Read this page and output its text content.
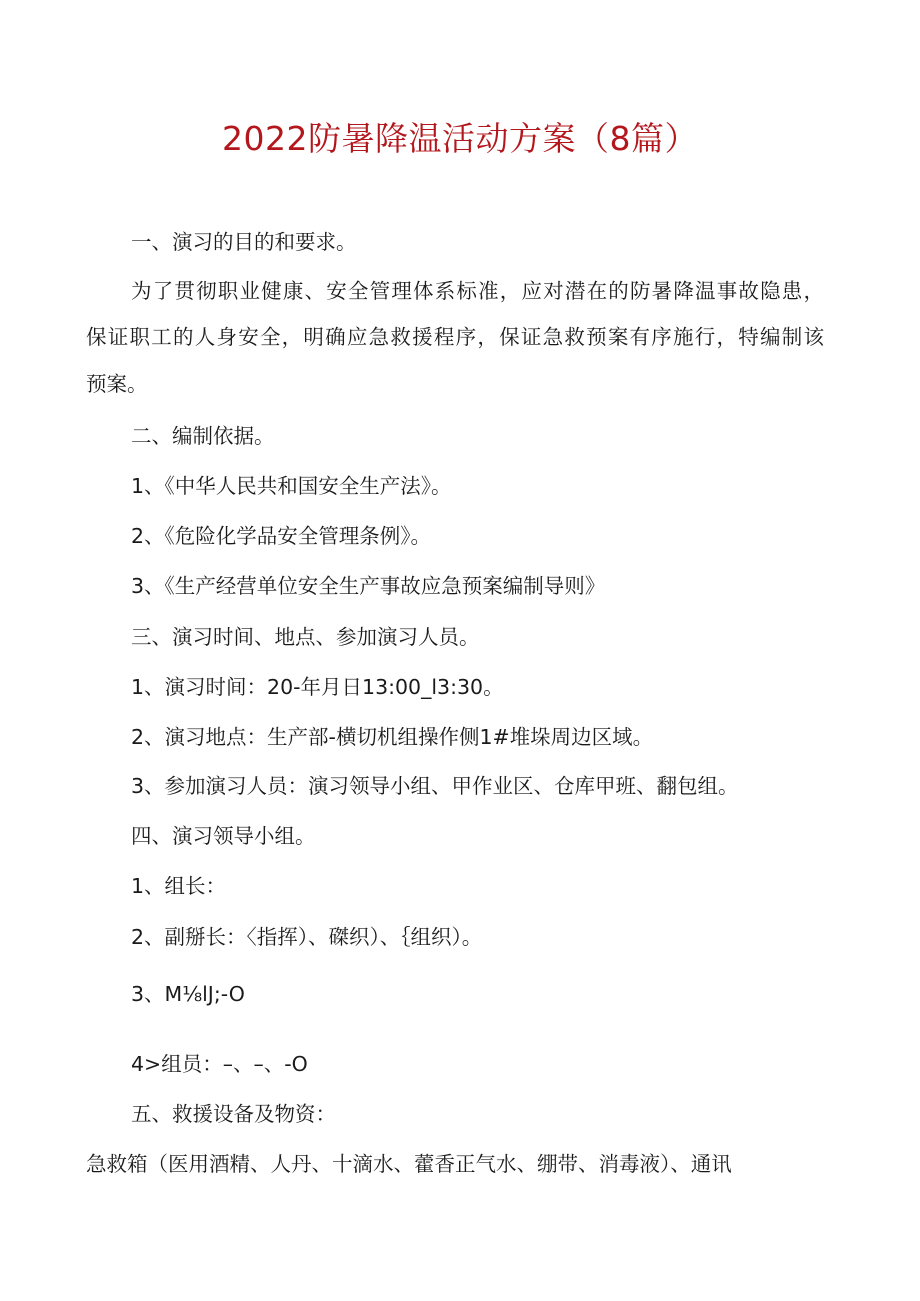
2022防暑降温活动方案（8篇）
一、演习的目的和要求。
为了贯彻职业健康、安全管理体系标准，应对潜在的防暑降温事故隐患，
保证职工的人身安全，明确应急救援程序，保证急救预案有序施行，特编制该
预案。
二、编制依据。
1、《中华人民共和国安全生产法》。
2、《危险化学品安全管理条例》。
3、《生产经营单位安全生产事故应急预案编制导则》
三、演习时间、地点、参加演习人员。
1、演习时间：20-年月日13:00_l3:30。
2、演习地点：生产部-横切机组操作侧1#堆垛周边区域。
3、参加演习人员：演习领导小组、甲作业区、仓库甲班、翻包组。
四、演习领导小组。
1、组长：
2、副掰长：〈指挥）、磔织）、｛组织）。
3、M⅛lJ;-O
4>组员：–、–、-O
五、救援设备及物资：
急救箱（医用酒精、人丹、十滴水、藿香正气水、绷带、消毒液）、通讯
